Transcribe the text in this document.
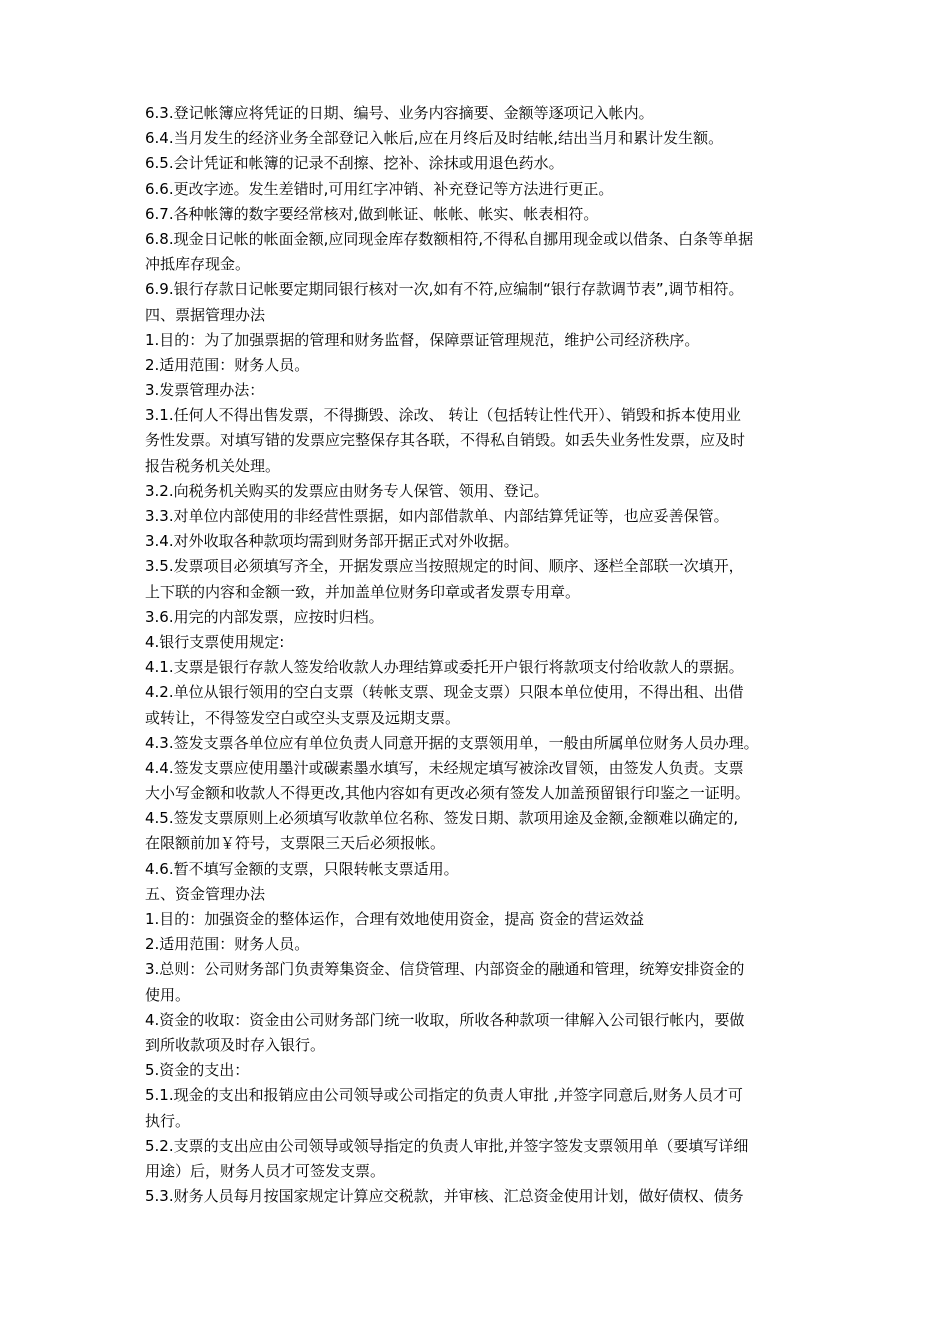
6.3.登记帐簿应将凭证的日期、编号、业务内容摘要、金额等逐项记入帐内。
6.4.当月发生的经济业务全部登记入帐后,应在月终后及时结帐,结出当月和累计发生额。
6.5.会计凭证和帐簿的记录不刮擦、挖补、涂抹或用退色药水。
6.6.更改字迹。发生差错时,可用红字冲销、补充登记等方法进行更正。
6.7.各种帐簿的数字要经常核对,做到帐证、帐帐、帐实、帐表相符。
6.8.现金日记帐的帐面金额,应同现金库存数额相符,不得私自挪用现金或以借条、白条等单据
冲抵库存现金。
6.9.银行存款日记帐要定期同银行核对一次,如有不符,应编制“银行存款调节表”,调节相符。
四、票据管理办法
1.目的：为了加强票据的管理和财务监督，保障票证管理规范，维护公司经济秩序。
2.适用范围：财务人员。
3.发票管理办法：
3.1.任何人不得出售发票，不得撕毁、涂改、 转让（包括转让性代开）、销毁和拆本使用业
务性发票。对填写错的发票应完整保存其各联，不得私自销毁。如丢失业务性发票，应及时
报告税务机关处理。
3.2.向税务机关购买的发票应由财务专人保管、领用、登记。
3.3.对单位内部使用的非经营性票据，如内部借款单、内部结算凭证等，也应妥善保管。
3.4.对外收取各种款项均需到财务部开据正式对外收据。
3.5.发票项目必须填写齐全，开据发票应当按照规定的时间、顺序、逐栏全部联一次填开，
上下联的内容和金额一致，并加盖单位财务印章或者发票专用章。
3.6.用完的内部发票，应按时归档。
4.银行支票使用规定:
4.1.支票是银行存款人签发给收款人办理结算或委托开户银行将款项支付给收款人的票据。
4.2.单位从银行领用的空白支票（转帐支票、现金支票）只限本单位使用，不得出租、出借
或转让，不得签发空白或空头支票及远期支票。
4.3.签发支票各单位应有单位负责人同意开据的支票领用单，一般由所属单位财务人员办理。
4.4.签发支票应使用墨汁或碳素墨水填写，未经规定填写被涂改冒领，由签发人负责。支票
大小写金额和收款人不得更改,其他内容如有更改必须有签发人加盖预留银行印鉴之一证明。
4.5.签发支票原则上必须填写收款单位名称、签发日期、款项用途及金额,金额难以确定的,
在限额前加￥符号，支票限三天后必须报帐。
4.6.暂不填写金额的支票，只限转帐支票适用。
五、资金管理办法
1.目的：加强资金的整体运作，合理有效地使用资金，提高 资金的营运效益
2.适用范围：财务人员。
3.总则：公司财务部门负责筹集资金、信贷管理、内部资金的融通和管理，统筹安排资金的
使用。
4.资金的收取：资金由公司财务部门统一收取，所收各种款项一律解入公司银行帐内，要做
到所收款项及时存入银行。
5.资金的支出：
5.1.现金的支出和报销应由公司领导或公司指定的负责人审批 ,并签字同意后,财务人员才可
执行。
5.2.支票的支出应由公司领导或领导指定的负责人审批,并签字签发支票领用单（要填写详细
用途）后，财务人员才可签发支票。
5.3.财务人员每月按国家规定计算应交税款，并审核、汇总资金使用计划，做好债权、债务
